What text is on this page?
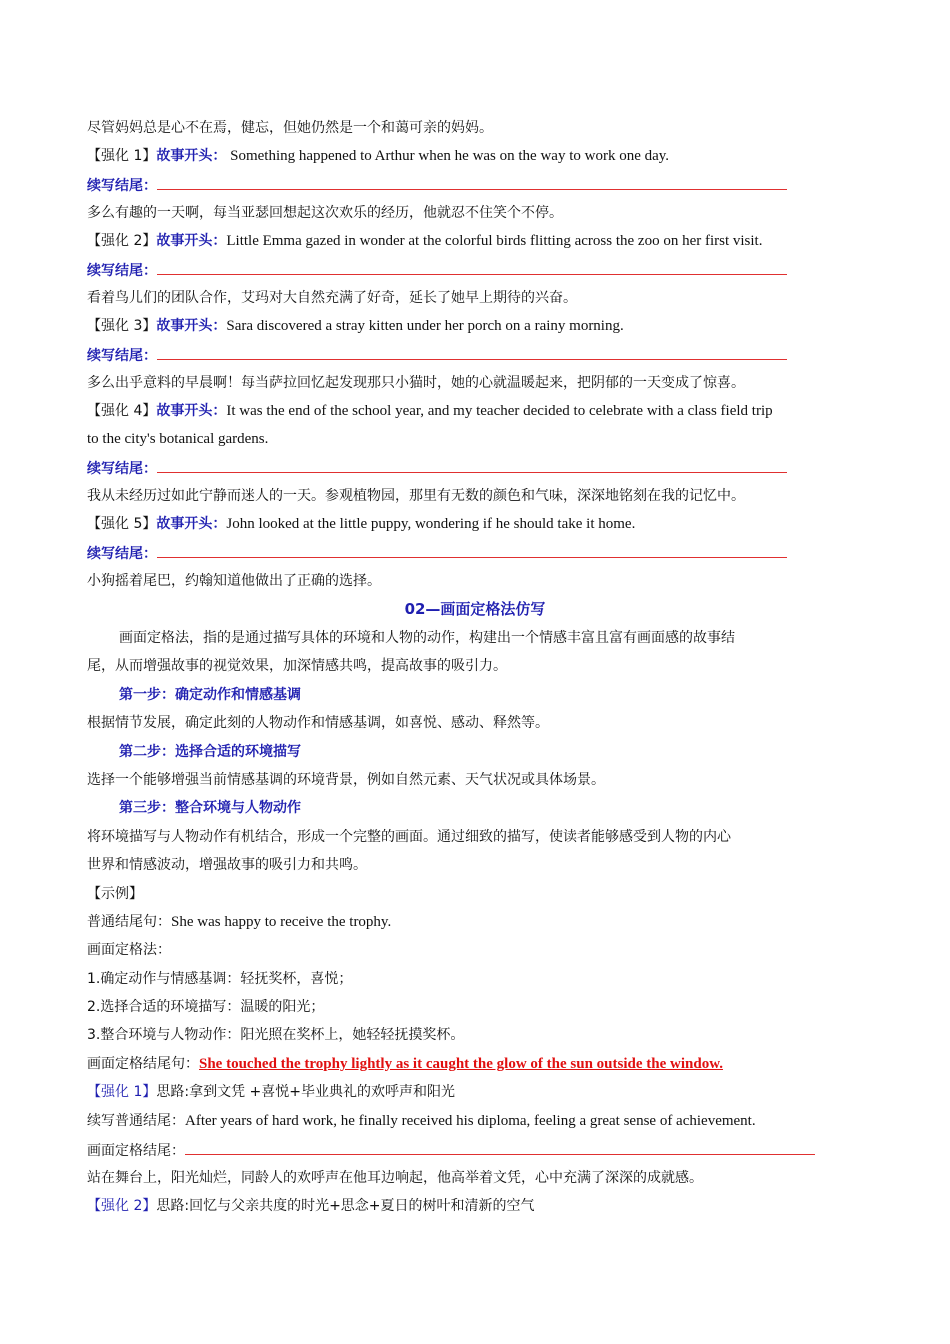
尽管妈妈总是心不在焉，健忘，但她仍然是一个和蔼可亲的妈妈。
【强化 1】故事开头： Something happened to Arthur when he was on the way to work one day.
续写结尾：
多么有趣的一天啊，每当亚瑟回想起这次欢乐的经历，他就忍不住笑个不停。
【强化 2】故事开头：Little Emma gazed in wonder at the colorful birds flitting across the zoo on her first visit.
续写结尾：
看着鸟儿们的团队合作，艾玛对大自然充满了好奇，延长了她早上期待的兴奋。
【强化 3】故事开头：Sara discovered a stray kitten under her porch on a rainy morning.
续写结尾：
多么出乎意料的早晨啊！每当萨拉回忆起发现那只小猫时，她的心就温暖起来，把阴郁的一天变成了惊喜。
【强化 4】故事开头：It was the end of the school year, and my teacher decided to celebrate with a class field trip
to the city's botanical gardens.
续写结尾：
我从未经历过如此宁静而迷人的一天。参观植物园，那里有无数的颜色和气味，深深地铭刻在我的记忆中。
【强化 5】故事开头：John looked at the little puppy, wondering if he should take it home.
续写结尾：
小狗摇着尾巴，约翰知道他做出了正确的选择。
02—画面定格法仿写
画面定格法，指的是通过描写具体的环境和人物的动作，构建出一个情感丰富且富有画面感的故事结
尾，从而增强故事的视觉效果，加深情感共鸣，提高故事的吸引力。
第一步：确定动作和情感基调
根据情节发展，确定此刻的人物动作和情感基调，如喜悦、感动、释然等。
第二步：选择合适的环境描写
选择一个能够增强当前情感基调的环境背景，例如自然元素、天气状况或具体场景。
第三步：整合环境与人物动作
将环境描写与人物动作有机结合，形成一个完整的画面。通过细致的描写，使读者能够感受到人物的内心
世界和情感波动，增强故事的吸引力和共鸣。
【示例】
普通结尾句：She was happy to receive the trophy.
画面定格法：
1.确定动作与情感基调：轻抚奖杯，喜悦；
2.选择合适的环境描写：温暖的阳光；
3.整合环境与人物动作：阳光照在奖杯上，她轻轻抚摸奖杯。
画面定格结尾句：She touched the trophy lightly as it caught the glow of the sun outside the window.
【强化 1】思路:拿到文凭 +喜悦+毕业典礼的欢呼声和阳光
续写普通结尾：After years of hard work, he finally received his diploma, feeling a great sense of achievement.
画面定格结尾：
站在舞台上，阳光灿烂，同龄人的欢呼声在他耳边响起，他高举着文凭，心中充满了深深的成就感。
【强化 2】思路:回忆与父亲共度的时光+思念+夏日的树叶和清新的空气
